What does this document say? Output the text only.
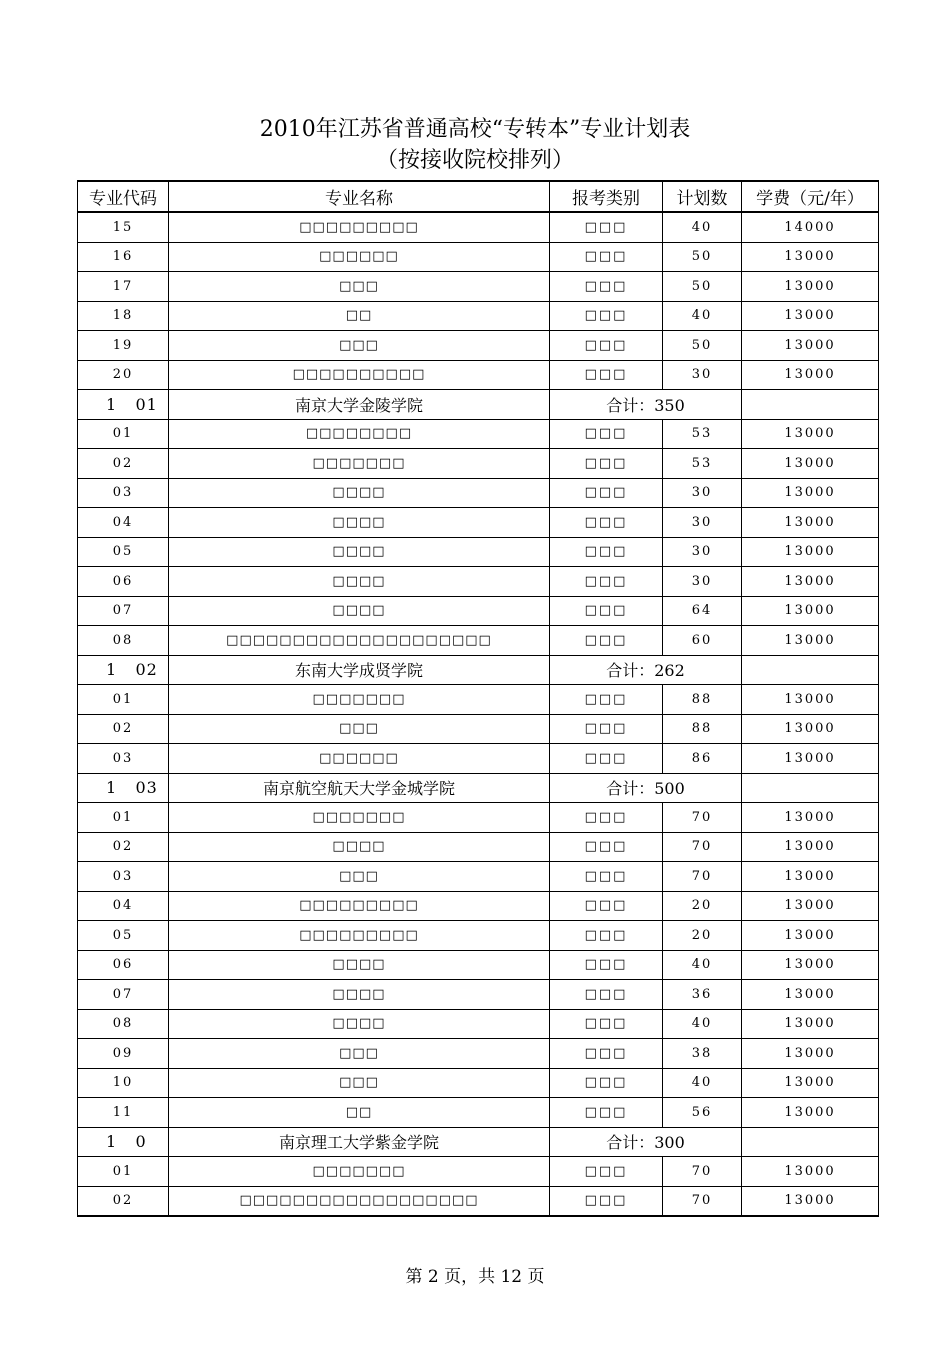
2010年江苏省普通高校“专转本”专业计划表
（按接收院校排列）
专业代码	专业名称	报考类别	计划数	学费（元/年）
15	□□□□□□□□□	□□□	40	14000
16	□□□□□□	□□□	50	13000
17	□□□	□□□	50	13000
18	□□	□□□	40	13000
19	□□□	□□□	50	13000
20	□□□□□□□□□□	□□□	30	13000
1   01	南京大学金陵学院	合计：350		
01	□□□□□□□□	□□□	53	13000
02	□□□□□□□	□□□	53	13000
03	□□□□	□□□	30	13000
04	□□□□	□□□	30	13000
05	□□□□	□□□	30	13000
06	□□□□	□□□	30	13000
07	□□□□	□□□	64	13000
08	□□□□□□□□□□□□□□□□□□□□	□□□	60	13000
1   02	东南大学成贤学院	合计：262		
01	□□□□□□□	□□□	88	13000
02	□□□	□□□	88	13000
03	□□□□□□	□□□	86	13000
1   03	南京航空航天大学金城学院	合计：500		
01	□□□□□□□	□□□	70	13000
02	□□□□	□□□	70	13000
03	□□□	□□□	70	13000
04	□□□□□□□□□	□□□	20	13000
05	□□□□□□□□□	□□□	20	13000
06	□□□□	□□□	40	13000
07	□□□□	□□□	36	13000
08	□□□□	□□□	40	13000
09	□□□	□□□	38	13000
10	□□□	□□□	40	13000
11	□□	□□□	56	13000
1   0	南京理工大学紫金学院	合计：300		
01	□□□□□□□	□□□	70	13000
02	□□□□□□□□□□□□□□□□□□	□□□	70	13000
第 2 页，共 12 页
